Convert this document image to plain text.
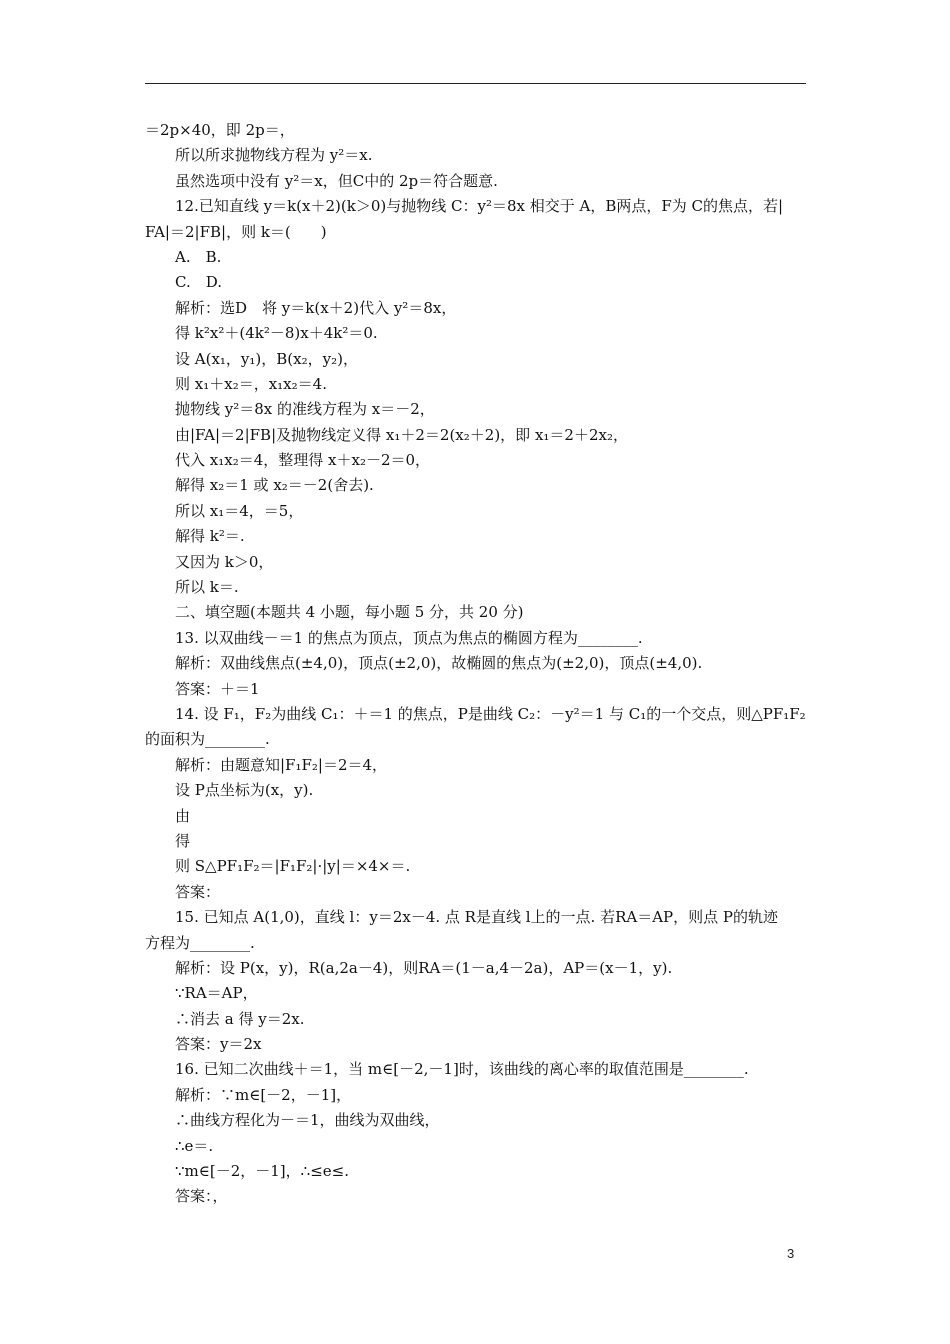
＝2p×40，即 2p＝，
所以所求抛物线方程为 y²＝x.
虽然选项中没有 y²＝x，但C中的 2p＝符合题意.
12.已知直线 y＝k(x＋2)(k＞0)与抛物线 C：y²＝8x 相交于 A，B两点，F为 C的焦点，若|
FA|＝2|FB|，则 k＝(　　)
A.　B.
C.　D.
解析：选D　将 y＝k(x＋2)代入 y²＝8x，
得 k²x²＋(4k²－8)x＋4k²＝0.
设 A(x₁，y₁)，B(x₂，y₂)，
则 x₁＋x₂＝，x₁x₂＝4.
抛物线 y²＝8x 的准线方程为 x＝－2，
由|FA|＝2|FB|及抛物线定义得 x₁＋2＝2(x₂＋2)，即 x₁＝2＋2x₂，
代入 x₁x₂＝4，整理得 x＋x₂－2＝0，
解得 x₂＝1 或 x₂＝－2(舍去).
所以 x₁＝4，＝5，
解得 k²＝.
又因为 k＞0，
所以 k＝.
二、填空题(本题共 4 小题，每小题 5 分，共 20 分)
13. 以双曲线－＝1 的焦点为顶点，顶点为焦点的椭圆方程为________.
解析：双曲线焦点(±4,0)，顶点(±2,0)，故椭圆的焦点为(±2,0)，顶点(±4,0).
答案：＋＝1
14. 设 F₁，F₂为曲线 C₁：＋＝1 的焦点，P是曲线 C₂：－y²＝1 与 C₁的一个交点，则△PF₁F₂
的面积为________.
解析：由题意知|F₁F₂|＝2＝4，
设 P点坐标为(x，y).
由
得
则 S△PF₁F₂＝|F₁F₂|·|y|＝×4×＝.
答案：
15. 已知点 A(1,0)，直线 l：y＝2x－4. 点 R是直线 l上的一点. 若RA＝AP，则点 P的轨迹
方程为________.
解析：设 P(x，y)，R(a,2a－4)，则RA＝(1－a,4－2a)，AP＝(x－1，y).
∵RA＝AP，
∴消去 a 得 y＝2x.
答案：y＝2x
16. 已知二次曲线＋＝1，当 m∈[－2,－1]时，该曲线的离心率的取值范围是________.
解析：∵m∈[－2，－1]，
∴曲线方程化为－＝1，曲线为双曲线，
∴e＝.
∵m∈[－2，－1]，∴≤e≤.
答案：，
3
